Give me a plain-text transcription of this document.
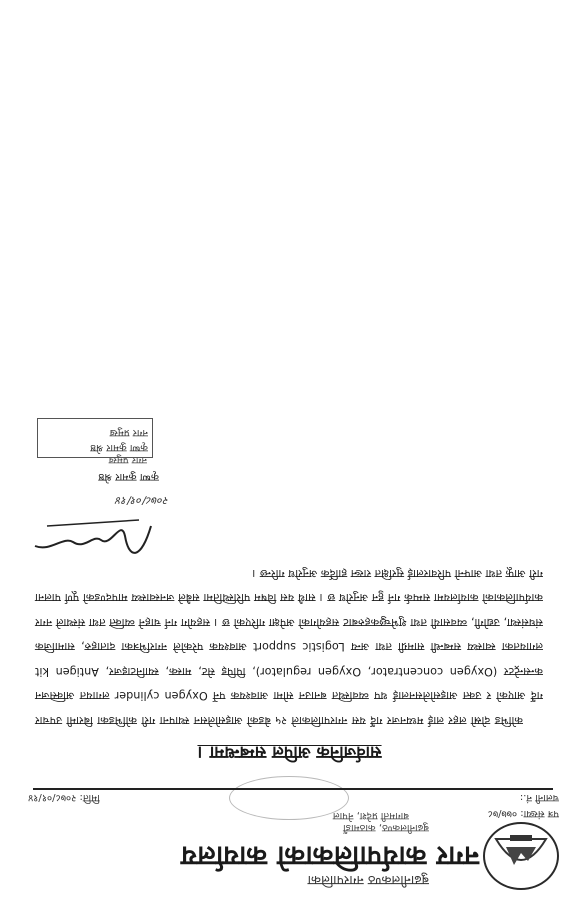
बुढानीलकण्ठ नगरपालिका
नगर कार्यपालिकाको कार्यालय
बुढानीलकण्ठ, काठमाडौं
बागमती प्रदेश, नेपाल	पत्र संख्या: ०७७/७८
चलानी नं.:
मिति: २०७८/०१/१४
सार्वजनिक अपिल सम्बन्धमा ।

कोभिड दोस्रो लहर लाई मध्यनजर गर्दै यस नगरपालिकाले २५ बेडको आइसोलेसन स्थापना गरी कोभिडका बिरामी उपचार गर्दै आएको र उक्त आइसोलेसनलाई थप व्यवस्थित बनाउन सोमा आवश्यक पर्ने Oxygen cylinder लगायत अक्सिजन कन्सन्ट्रेटर (Oxygen concentrator, Oxygen regulator), पिपिइ सेट, मास्क, स्यानिटाइजर, Antigen kit लगायतका स्वास्थ्य सम्बन्धी सामग्री तथा अन्य Logistic support आवश्यक परेकोले नगरभित्रका दाताहरु, सामाजिक संघसंस्था, उद्योगी, व्यवसायी तथा शुभेच्छुकहरुबाट सहयोगको अपेक्षा गरिएको छ । सहयोग गर्न चाहने व्यक्ति तथा संस्थाले नगर कार्यपालिकाको कार्यालयमा सम्पर्क गर्न हुन अनुरोध छ । साथै यस विषम परिस्थितिमा सबैले जनस्वास्थ्य मापदण्डको पूर्ण पालना गरी आफू तथा आफ्नो परिवारलाई सुरक्षित राख्न हार्दिक अनुरोध गरिन्छ ।

२०७८/०१/१४
कृष्ण कुमार श्रेष्ठ
नगर प्रमुख
कृष्ण कुमार श्रेष्ठ
नगर प्रमुख
